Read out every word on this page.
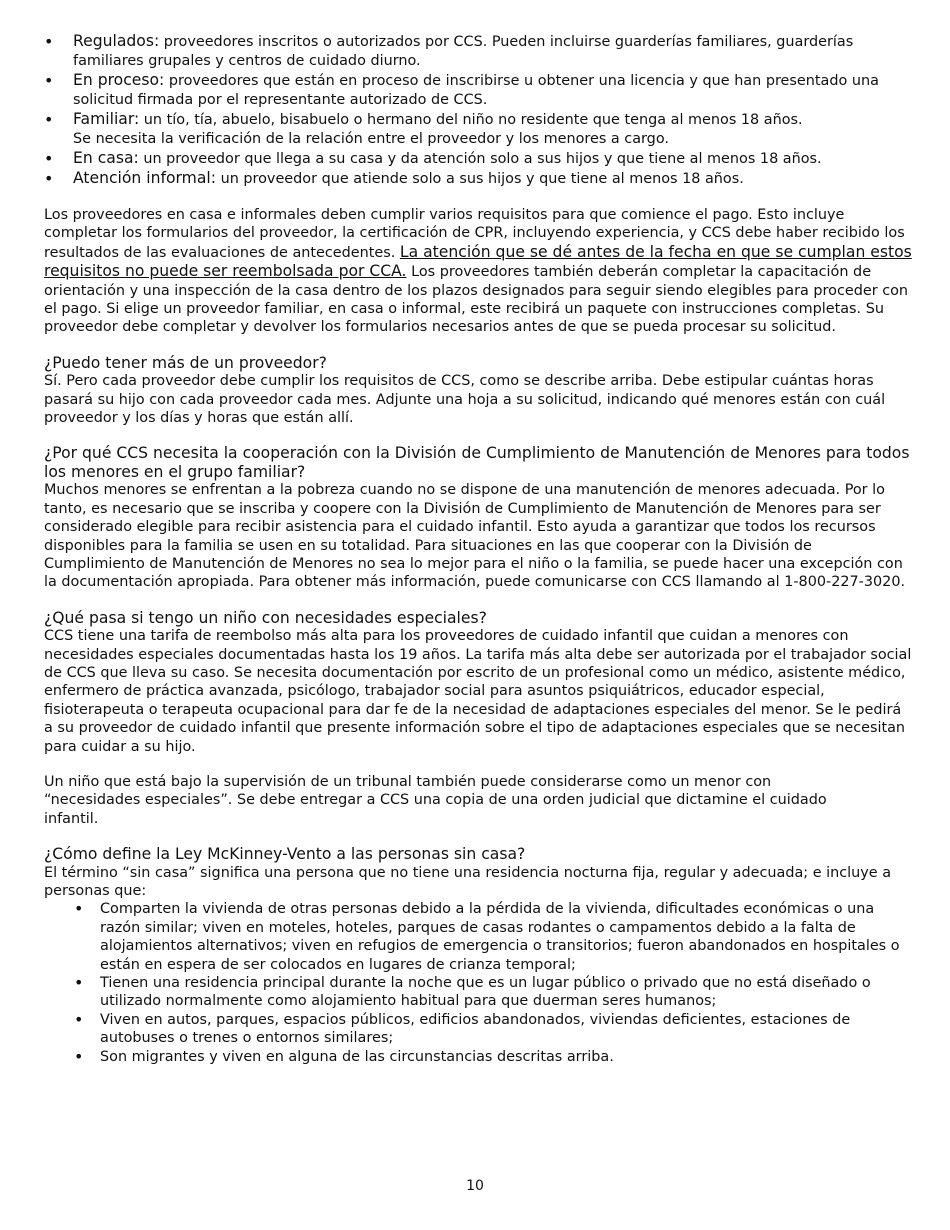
• Regulados: proveedores inscritos o autorizados por CCS. Pueden incluirse guarderías familiares, guarderías familiares grupales y centros de cuidado diurno.
• En proceso: proveedores que están en proceso de inscribirse u obtener una licencia y que han presentado una solicitud firmada por el representante autorizado de CCS.
• Familiar: un tío, tía, abuelo, bisabuelo o hermano del niño no residente que tenga al menos 18 años.
Se necesita la verificación de la relación entre el proveedor y los menores a cargo.
• En casa: un proveedor que llega a su casa y da atención solo a sus hijos y que tiene al menos 18 años.
• Atención informal: un proveedor que atiende solo a sus hijos y que tiene al menos 18 años.

Los proveedores en casa e informales deben cumplir varios requisitos para que comience el pago. Esto incluye completar los formularios del proveedor, la certificación de CPR, incluyendo experiencia, y CCS debe haber recibido los resultados de las evaluaciones de antecedentes. La atención que se dé antes de la fecha en que se cumplan estos requisitos no puede ser reembolsada por CCA. Los proveedores también deberán completar la capacitación de orientación y una inspección de la casa dentro de los plazos designados para seguir siendo elegibles para proceder con el pago. Si elige un proveedor familiar, en casa o informal, este recibirá un paquete con instrucciones completas. Su proveedor debe completar y devolver los formularios necesarios antes de que se pueda procesar su solicitud.

¿Puedo tener más de un proveedor?

Sí. Pero cada proveedor debe cumplir los requisitos de CCS, como se describe arriba. Debe estipular cuántas horas pasará su hijo con cada proveedor cada mes. Adjunte una hoja a su solicitud, indicando qué menores están con cuál proveedor y los días y horas que están allí.

¿Por qué CCS necesita la cooperación con la División de Cumplimiento de Manutención de Menores para todos los menores en el grupo familiar?

Muchos menores se enfrentan a la pobreza cuando no se dispone de una manutención de menores adecuada. Por lo tanto, es necesario que se inscriba y coopere con la División de Cumplimiento de Manutención de Menores para ser considerado elegible para recibir asistencia para el cuidado infantil. Esto ayuda a garantizar que todos los recursos disponibles para la familia se usen en su totalidad. Para situaciones en las que cooperar con la División de Cumplimiento de Manutención de Menores no sea lo mejor para el niño o la familia, se puede hacer una excepción con la documentación apropiada. Para obtener más información, puede comunicarse con CCS llamando al 1-800-227-3020.

¿Qué pasa si tengo un niño con necesidades especiales?

CCS tiene una tarifa de reembolso más alta para los proveedores de cuidado infantil que cuidan a menores con necesidades especiales documentadas hasta los 19 años. La tarifa más alta debe ser autorizada por el trabajador social de CCS que lleva su caso. Se necesita documentación por escrito de un profesional como un médico, asistente médico, enfermero de práctica avanzada, psicólogo, trabajador social para asuntos psiquiátricos, educador especial, fisioterapeuta o terapeuta ocupacional para dar fe de la necesidad de adaptaciones especiales del menor. Se le pedirá a su proveedor de cuidado infantil que presente información sobre el tipo de adaptaciones especiales que se necesitan para cuidar a su hijo.

Un niño que está bajo la supervisión de un tribunal también puede considerarse como un menor con “necesidades especiales”. Se debe entregar a CCS una copia de una orden judicial que dictamine el cuidado infantil.

¿Cómo define la Ley McKinney-Vento a las personas sin casa?

El término “sin casa” significa una persona que no tiene una residencia nocturna fija, regular y adecuada; e incluye a personas que:

• Comparten la vivienda de otras personas debido a la pérdida de la vivienda, dificultades económicas o una razón similar; viven en moteles, hoteles, parques de casas rodantes o campamentos debido a la falta de alojamientos alternativos; viven en refugios de emergencia o transitorios; fueron abandonados en hospitales o están en espera de ser colocados en lugares de crianza temporal;
• Tienen una residencia principal durante la noche que es un lugar público o privado que no está diseñado o utilizado normalmente como alojamiento habitual para que duerman seres humanos;
• Viven en autos, parques, espacios públicos, edificios abandonados, viviendas deficientes, estaciones de autobuses o trenes o entornos similares;
• Son migrantes y viven en alguna de las circunstancias descritas arriba.
10
